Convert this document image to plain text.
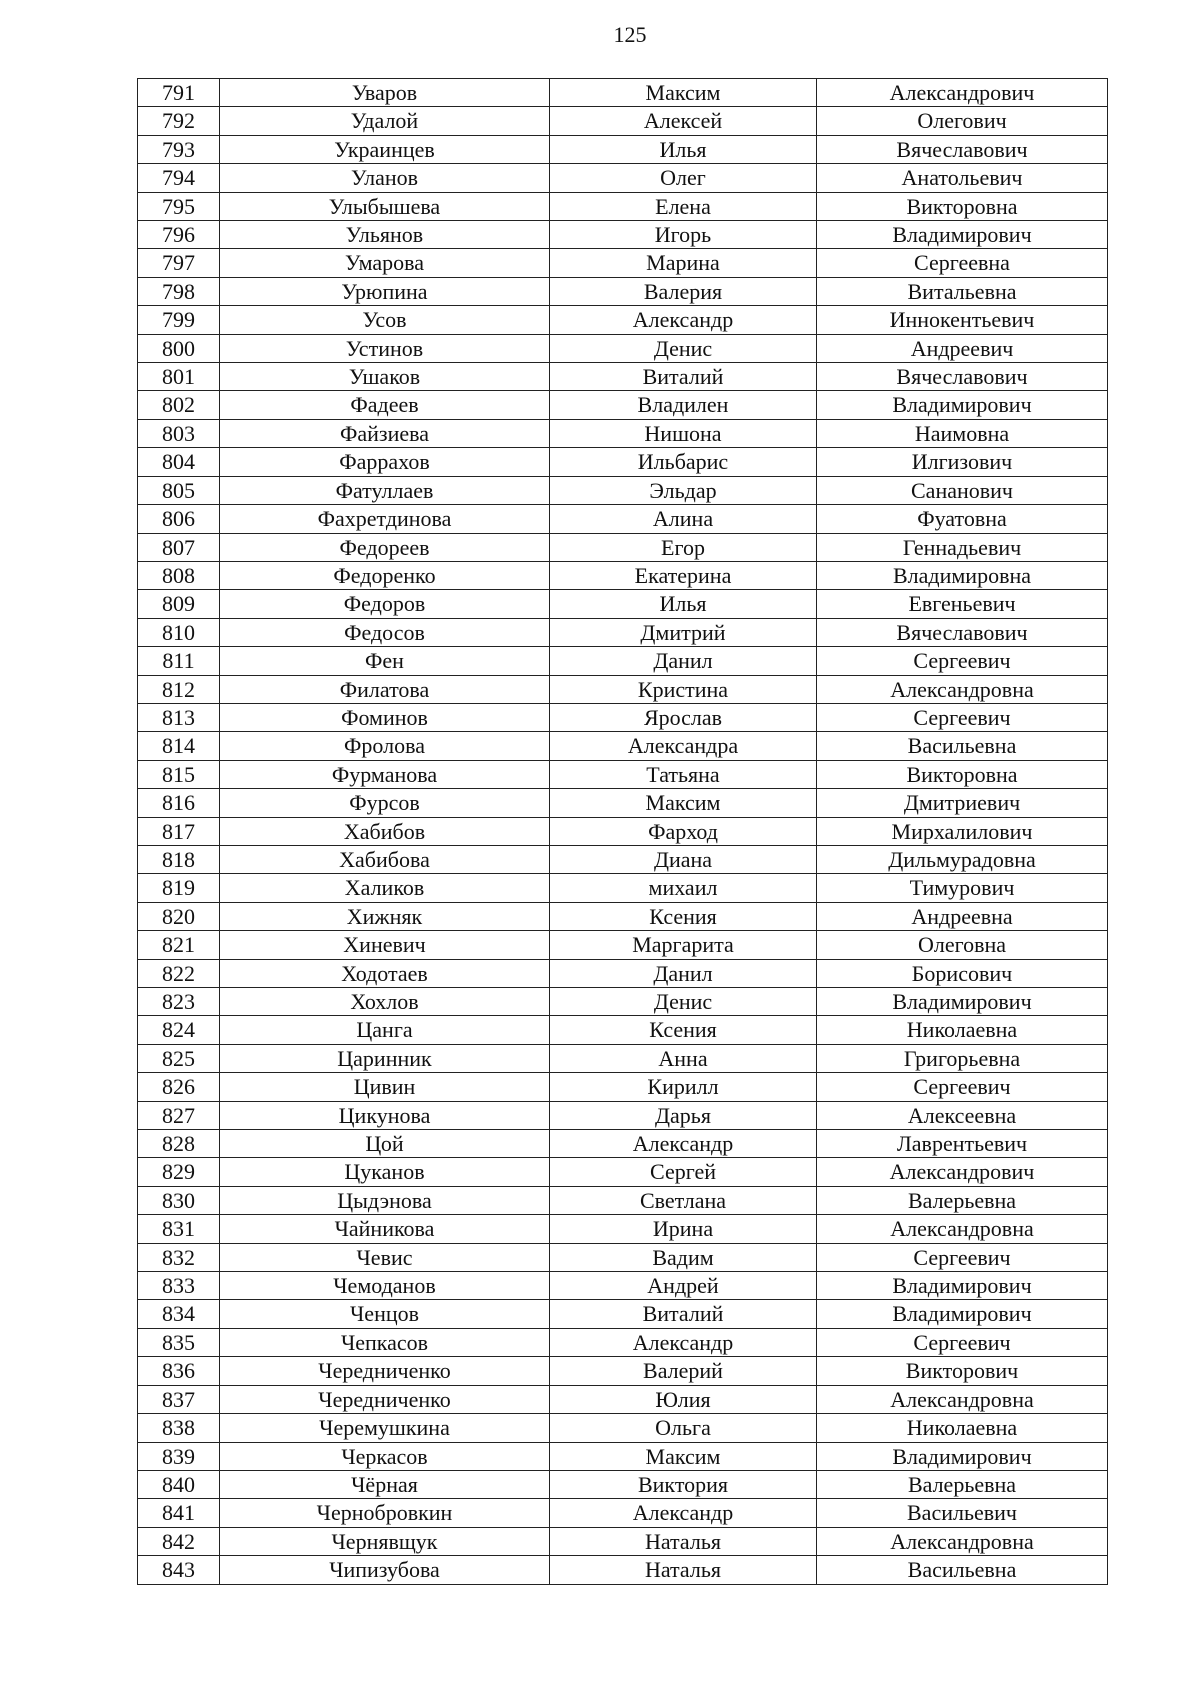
125
791	Уваров	Максим	Александрович
792	Удалой	Алексей	Олегович
793	Украинцев	Илья	Вячеславович
794	Уланов	Олег	Анатольевич
795	Улыбышева	Елена	Викторовна
796	Ульянов	Игорь	Владимирович
797	Умарова	Марина	Сергеевна
798	Урюпина	Валерия	Витальевна
799	Усов	Александр	Иннокентьевич
800	Устинов	Денис	Андреевич
801	Ушаков	Виталий	Вячеславович
802	Фадеев	Владилен	Владимирович
803	Файзиева	Нишона	Наимовна
804	Фаррахов	Ильбарис	Илгизович
805	Фатуллаев	Эльдар	Сананович
806	Фахретдинова	Алина	Фуатовна
807	Федореев	Егор	Геннадьевич
808	Федоренко	Екатерина	Владимировна
809	Федоров	Илья	Евгеньевич
810	Федосов	Дмитрий	Вячеславович
811	Фен	Данил	Сергеевич
812	Филатова	Кристина	Александровна
813	Фоминов	Ярослав	Сергеевич
814	Фролова	Александра	Васильевна
815	Фурманова	Татьяна	Викторовна
816	Фурсов	Максим	Дмитриевич
817	Хабибов	Фарход	Мирхалилович
818	Хабибова	Диана	Дильмурадовна
819	Халиков	михаил	Тимурович
820	Хижняк	Ксения	Андреевна
821	Хиневич	Маргарита	Олеговна
822	Ходотаев	Данил	Борисович
823	Хохлов	Денис	Владимирович
824	Цанга	Ксения	Николаевна
825	Царинник	Анна	Григорьевна
826	Цивин	Кирилл	Сергеевич
827	Цикунова	Дарья	Алексеевна
828	Цой	Александр	Лаврентьевич
829	Цуканов	Сергей	Александрович
830	Цыдэнова	Светлана	Валерьевна
831	Чайникова	Ирина	Александровна
832	Чевис	Вадим	Сергеевич
833	Чемоданов	Андрей	Владимирович
834	Ченцов	Виталий	Владимирович
835	Чепкасов	Александр	Сергеевич
836	Чередниченко	Валерий	Викторович
837	Чередниченко	Юлия	Александровна
838	Черемушкина	Ольга	Николаевна
839	Черкасов	Максим	Владимирович
840	Чёрная	Виктория	Валерьевна
841	Чернобровкин	Александр	Васильевич
842	Чернявщук	Наталья	Александровна
843	Чипизубова	Наталья	Васильевна
